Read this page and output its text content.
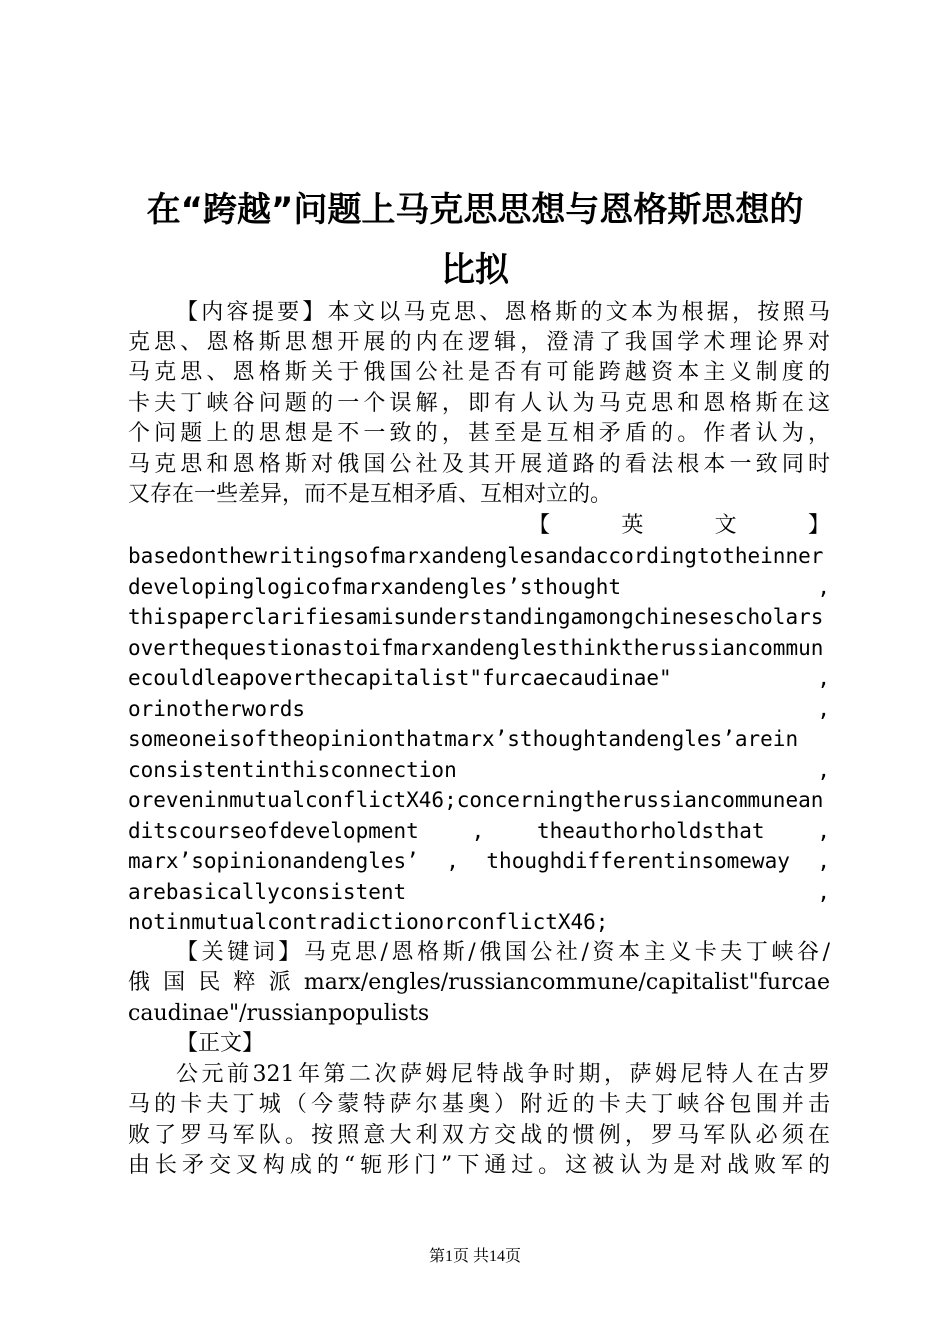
在“跨越”问题上马克思思想与恩格斯思想的
比拟
【内容提要】本文以马克思、恩格斯的文本为根据，按照马
克思、恩格斯思想开展的内在逻辑，澄清了我国学术理论界对
马克思、恩格斯关于俄国公社是否有可能跨越资本主义制度的
卡夫丁峡谷问题的一个误解，即有人认为马克思和恩格斯在这
个问题上的思想是不一致的，甚至是互相矛盾的。作者认为，
马克思和恩格斯对俄国公社及其开展道路的看法根本一致同时
又存在一些差异，而不是互相矛盾、互相对立的。
【 英 文 】
basedonthewritingsofmarxandenglesandaccordingtotheinner
developinglogicofmarxandengles’sthought ,
thispaperclarifiesamisunderstandingamongchinesescholars
overthequestionastoifmarxandenglesthinktherussiancommun
ecouldleapoverthecapitalist"furcaecaudinae" ,
orinotherwords ,
someoneisoftheopinionthatmarx’sthoughtandengles’arein
consistentinthisconnection ,
oreveninmutualconflictX46;concerningtherussiancommunean
ditscourseofdevelopment , theauthorholdsthat ,
marx’sopinionandengles’ , thoughdifferentinsomeway ,
arebasicallyconsistent ,
notinmutualcontradictionorconflictX46;
【关键词】马克思/恩格斯/俄国公社/资本主义卡夫丁峡谷/
俄国民粹派marx/engles/russiancommune/capitalist"furcae
caudinae"/russianpopulists
【正文】
公元前321年第二次萨姆尼特战争时期，萨姆尼特人在古罗
马的卡夫丁城（今蒙特萨尔基奥）附近的卡夫丁峡谷包围并击
败了罗马军队。按照意大利双方交战的惯例，罗马军队必须在
由长矛交叉构成的“轭形门”下通过。这被认为是对战败军的
第1页 共14页
